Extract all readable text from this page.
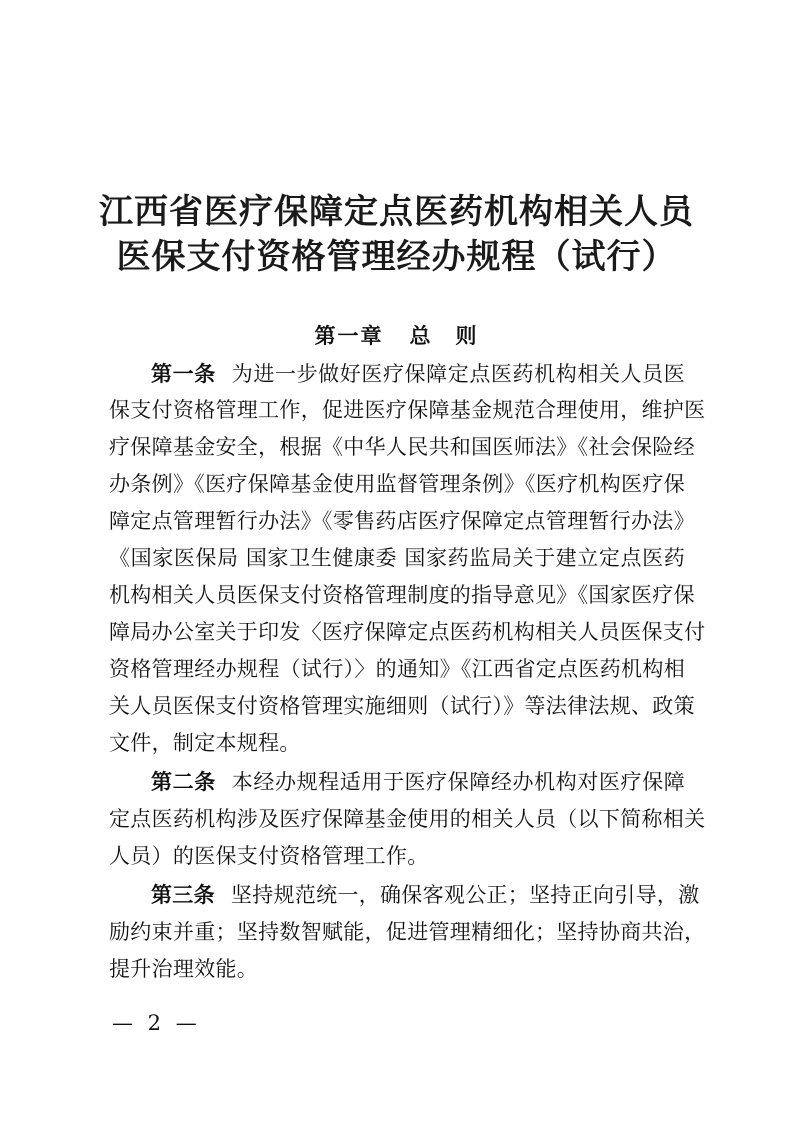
江西省医疗保障定点医药机构相关人员
医保支付资格管理经办规程（试行）
第一章 总　则
第一条 为进一步做好医疗保障定点医药机构相关人员医
保支付资格管理工作，促进医疗保障基金规范合理使用，维护医
疗保障基金安全，根据《中华人民共和国医师法》《社会保险经
办条例》《医疗保障基金使用监督管理条例》《医疗机构医疗保
障定点管理暂行办法》《零售药店医疗保障定点管理暂行办法》
《国家医保局 国家卫生健康委 国家药监局关于建立定点医药
机构相关人员医保支付资格管理制度的指导意见》《国家医疗保
障局办公室关于印发〈医疗保障定点医药机构相关人员医保支付
资格管理经办规程（试行）〉的通知》《江西省定点医药机构相
关人员医保支付资格管理实施细则（试行）》等法律法规、政策
文件，制定本规程。
第二条 本经办规程适用于医疗保障经办机构对医疗保障
定点医药机构涉及医疗保障基金使用的相关人员（以下简称相关
人员）的医保支付资格管理工作。
第三条 坚持规范统一，确保客观公正；坚持正向引导，激
励约束并重；坚持数智赋能，促进管理精细化；坚持协商共治，
提升治理效能。
— 2 —
